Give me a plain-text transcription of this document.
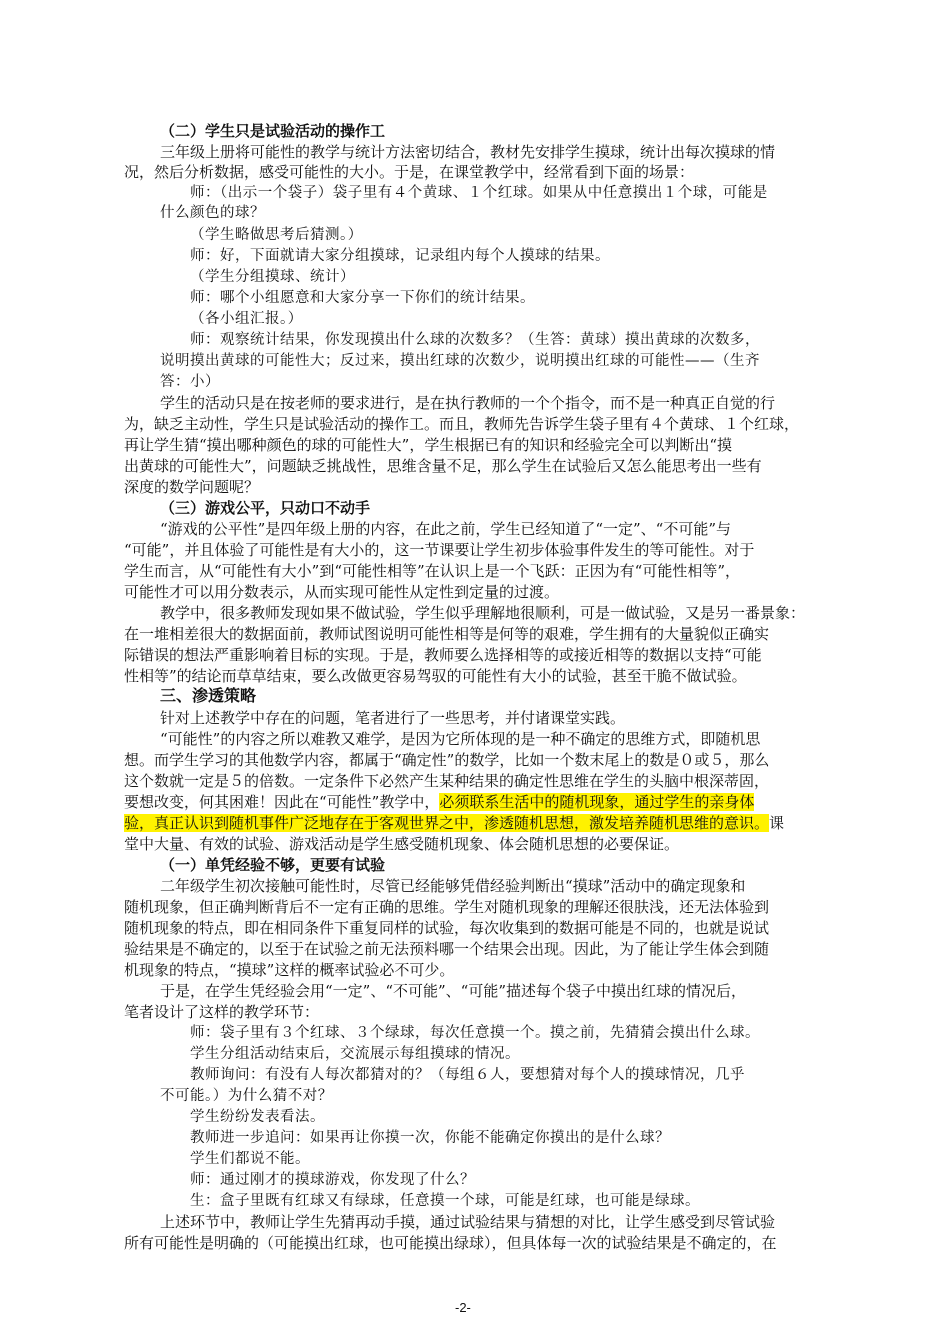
（二）学生只是试验活动的操作工
三年级上册将可能性的教学与统计方法密切结合，教材先安排学生摸球，统计出每次摸球的情
况，然后分析数据，感受可能性的大小。于是，在课堂教学中，经常看到下面的场景：
师：（出示一个袋子）袋子里有４个黄球、１个红球。如果从中任意摸出１个球，可能是
什么颜色的球？
（学生略做思考后猜测。）
师：好，下面就请大家分组摸球，记录组内每个人摸球的结果。
（学生分组摸球、统计）
师：哪个小组愿意和大家分享一下你们的统计结果。
（各小组汇报。）
师：观察统计结果，你发现摸出什么球的次数多？（生答：黄球）摸出黄球的次数多，
说明摸出黄球的可能性大；反过来，摸出红球的次数少，说明摸出红球的可能性——（生齐
答：小）
学生的活动只是在按老师的要求进行，是在执行教师的一个个指令，而不是一种真正自觉的行
为，缺乏主动性，学生只是试验活动的操作工。而且，教师先告诉学生袋子里有４个黄球、１个红球，
再让学生猜“摸出哪种颜色的球的可能性大”，学生根据已有的知识和经验完全可以判断出“摸
出黄球的可能性大”，问题缺乏挑战性，思维含量不足，那么学生在试验后又怎么能思考出一些有
深度的数学问题呢？
（三）游戏公平，只动口不动手
“游戏的公平性”是四年级上册的内容，在此之前，学生已经知道了“一定”、“不可能”与
“可能”，并且体验了可能性是有大小的，这一节课要让学生初步体验事件发生的等可能性。对于
学生而言，从“可能性有大小”到“可能性相等”在认识上是一个飞跃：正因为有“可能性相等”，
可能性才可以用分数表示，从而实现可能性从定性到定量的过渡。
教学中，很多教师发现如果不做试验，学生似乎理解地很顺利，可是一做试验，又是另一番景象：
在一堆相差很大的数据面前，教师试图说明可能性相等是何等的艰难，学生拥有的大量貌似正确实
际错误的想法严重影响着目标的实现。于是，教师要么选择相等的或接近相等的数据以支持“可能
性相等”的结论而草草结束，要么改做更容易驾驭的可能性有大小的试验，甚至干脆不做试验。
三、渗透策略
针对上述教学中存在的问题，笔者进行了一些思考，并付诸课堂实践。
“可能性”的内容之所以难教又难学，是因为它所体现的是一种不确定的思维方式，即随机思
想。而学生学习的其他数学内容，都属于“确定性”的数学，比如一个数末尾上的数是０或５，那么
这个数就一定是５的倍数。一定条件下必然产生某种结果的确定性思维在学生的头脑中根深蒂固，
要想改变，何其困难！因此在“可能性”教学中，必须联系生活中的随机现象，通过学生的亲身体
验，真正认识到随机事件广泛地存在于客观世界之中，渗透随机思想，激发培养随机思维的意识。课
堂中大量、有效的试验、游戏活动是学生感受随机现象、体会随机思想的必要保证。
（一）单凭经验不够，更要有试验
二年级学生初次接触可能性时，尽管已经能够凭借经验判断出“摸球”活动中的确定现象和
随机现象，但正确判断背后不一定有正确的思维。学生对随机现象的理解还很肤浅，还无法体验到
随机现象的特点，即在相同条件下重复同样的试验，每次收集到的数据可能是不同的，也就是说试
验结果是不确定的，以至于在试验之前无法预料哪一个结果会出现。因此，为了能让学生体会到随
机现象的特点，“摸球”这样的概率试验必不可少。
于是，在学生凭经验会用“一定”、“不可能”、“可能”描述每个袋子中摸出红球的情况后，
笔者设计了这样的教学环节：
师：袋子里有３个红球、３个绿球，每次任意摸一个。摸之前，先猜猜会摸出什么球。
学生分组活动结束后，交流展示每组摸球的情况。
教师询问：有没有人每次都猜对的？（每组６人，要想猜对每个人的摸球情况，几乎
不可能。）为什么猜不对？
学生纷纷发表看法。
教师进一步追问：如果再让你摸一次，你能不能确定你摸出的是什么球？
学生们都说不能。
师：通过刚才的摸球游戏，你发现了什么？
生：盒子里既有红球又有绿球，任意摸一个球，可能是红球，也可能是绿球。
上述环节中，教师让学生先猜再动手摸，通过试验结果与猜想的对比，让学生感受到尽管试验
所有可能性是明确的（可能摸出红球，也可能摸出绿球），但具体每一次的试验结果是不确定的，在
-2-
